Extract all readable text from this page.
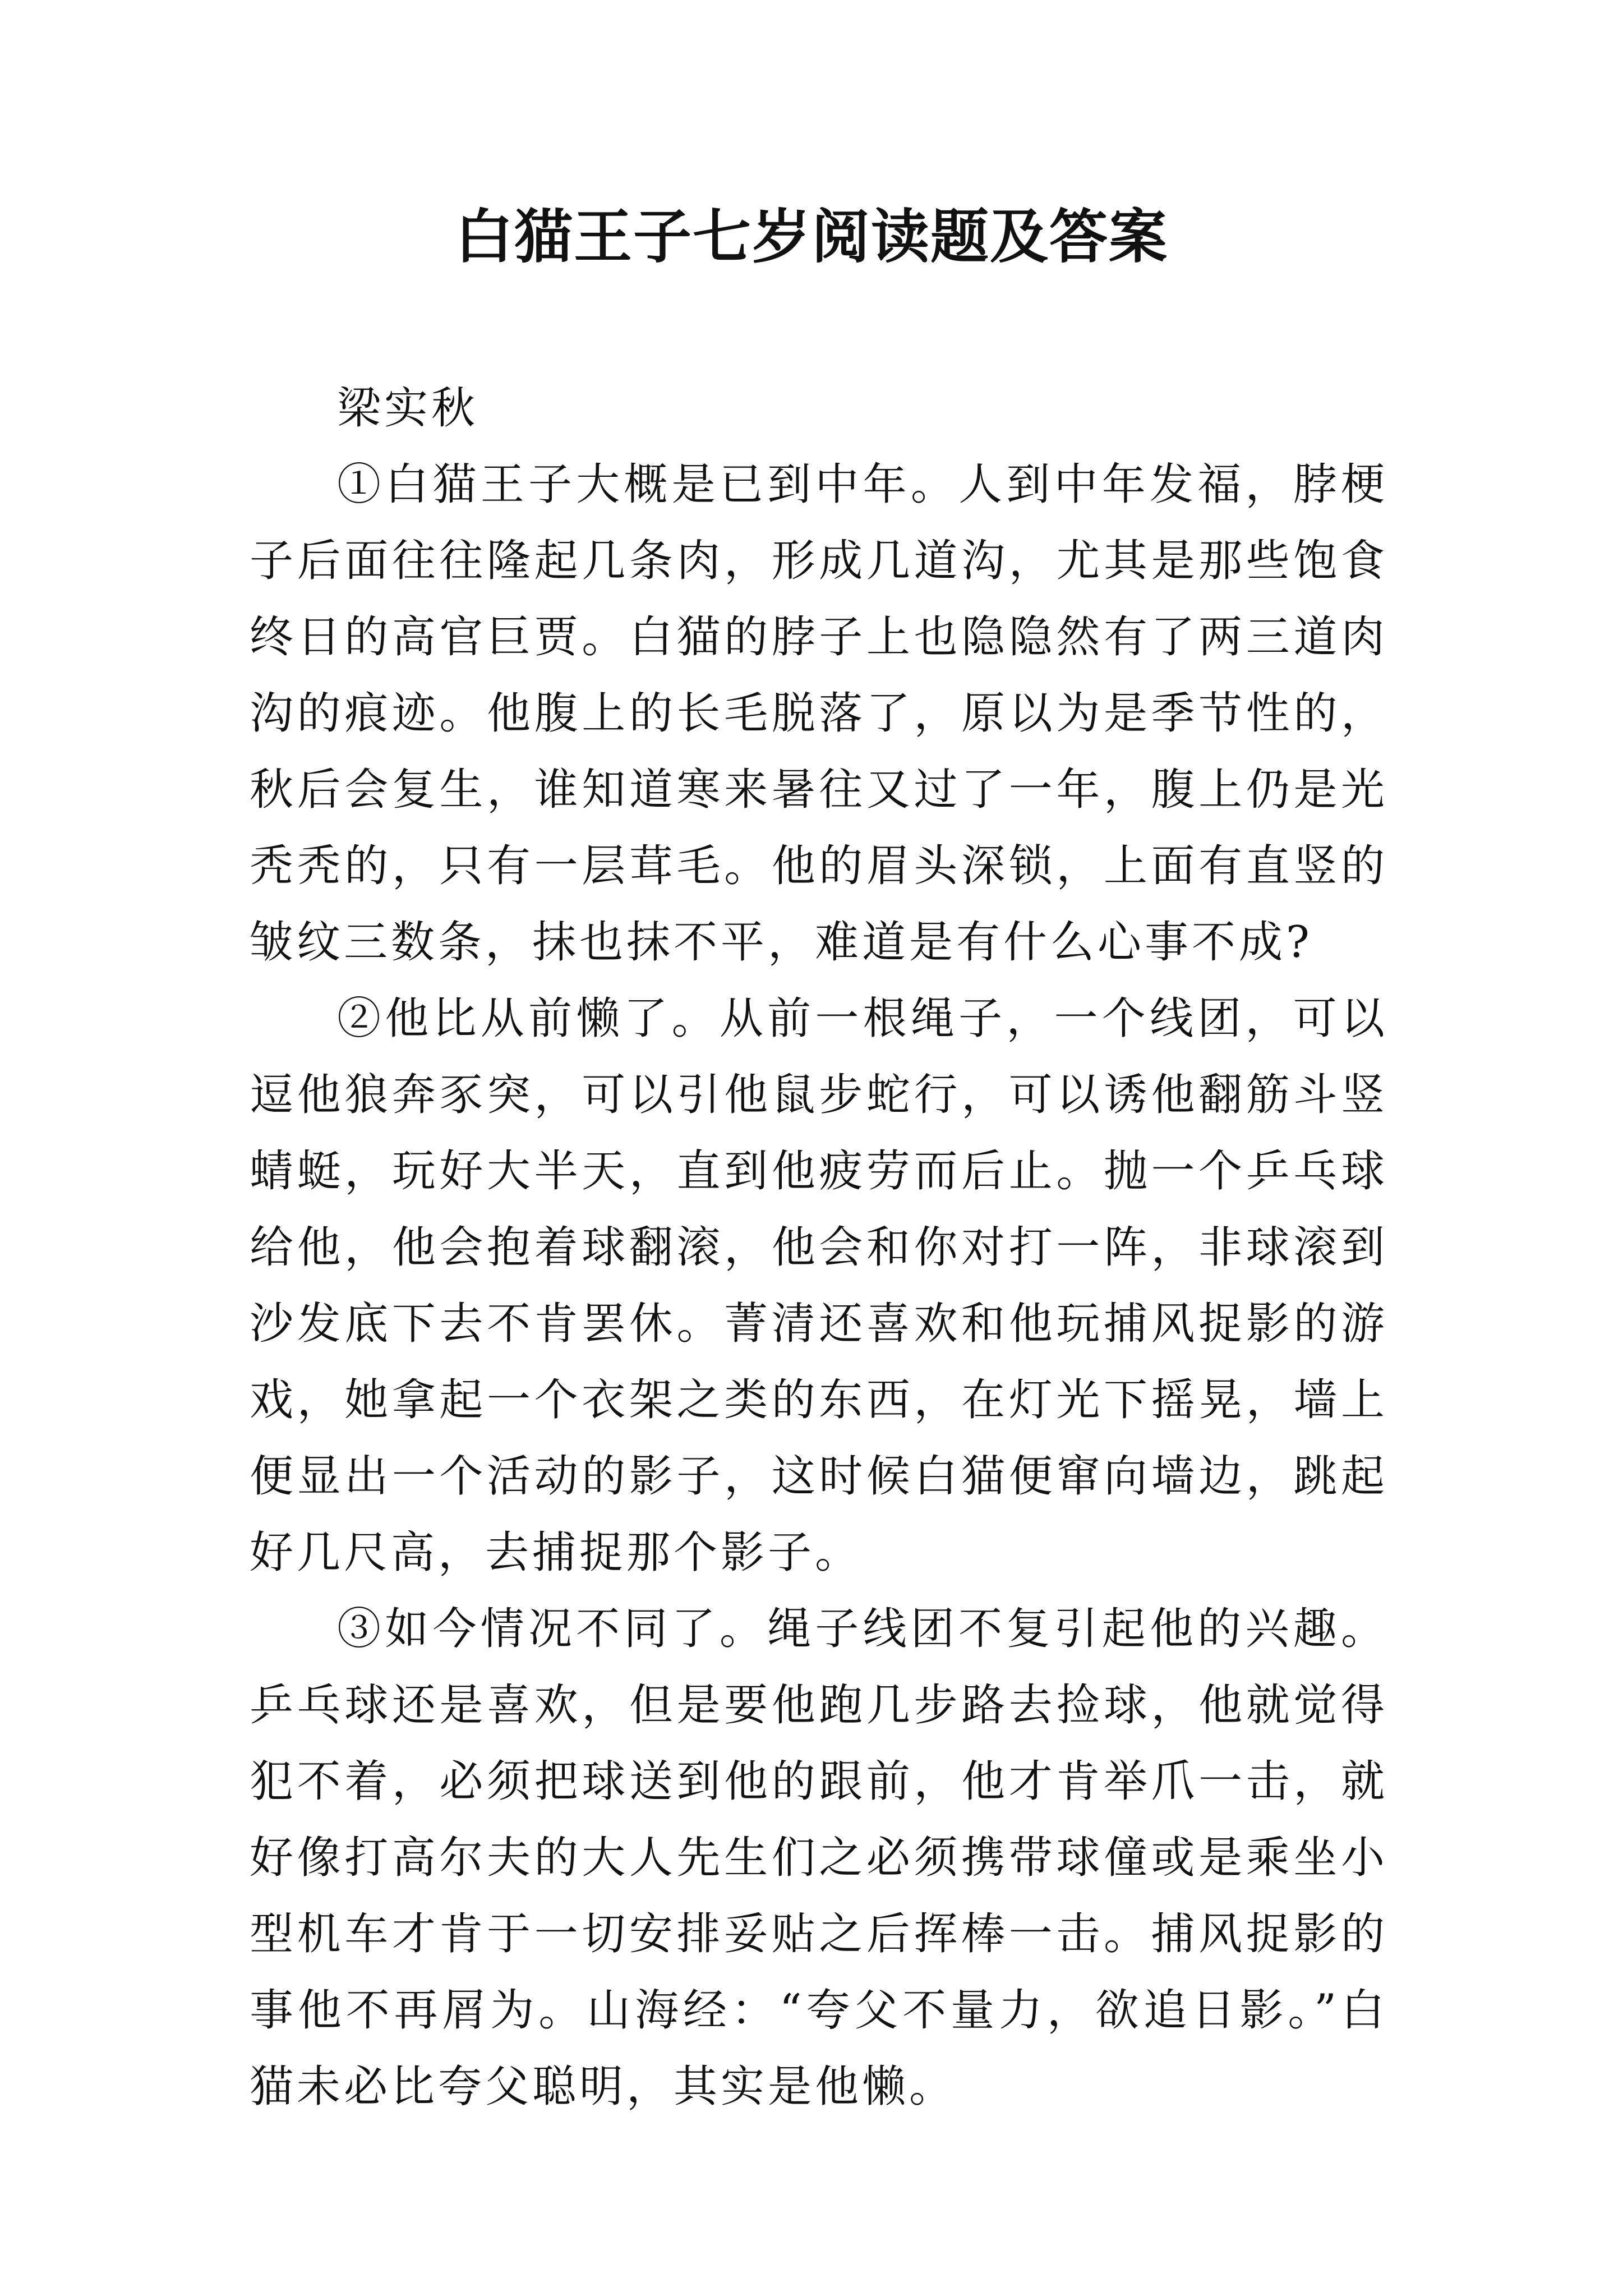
白猫王子七岁阅读题及答案

梁实秋

①白猫王子大概是已到中年。人到中年发福，脖梗子后面往往隆起几条肉，形成几道沟，尤其是那些饱食终日的高官巨贾。白猫的脖子上也隐隐然有了两三道肉沟的痕迹。他腹上的长毛脱落了，原以为是季节性的，秋后会复生，谁知道寒来暑往又过了一年，腹上仍是光秃秃的，只有一层茸毛。他的眉头深锁，上面有直竖的皱纹三数条，抹也抹不平，难道是有什么心事不成?

②他比从前懒了。从前一根绳子，一个线团，可以逗他狼奔豕突，可以引他鼠步蛇行，可以诱他翻筋斗竖蜻蜓，玩好大半天，直到他疲劳而后止。抛一个乒乓球给他，他会抱着球翻滚，他会和你对打一阵，非球滚到沙发底下去不肯罢休。菁清还喜欢和他玩捕风捉影的游戏，她拿起一个衣架之类的东西，在灯光下摇晃，墙上便显出一个活动的影子，这时候白猫便窜向墙边，跳起好几尺高，去捕捉那个影子。

③如今情况不同了。绳子线团不复引起他的兴趣。乒乓球还是喜欢，但是要他跑几步路去捡球，他就觉得犯不着，必须把球送到他的跟前，他才肯举爪一击，就好像打高尔夫的大人先生们之必须携带球僮或是乘坐小型机车才肯于一切安排妥贴之后挥棒一击。捕风捉影的事他不再屑为。山海经：“夸父不量力，欲追日影。”白猫未必比夸父聪明，其实是他懒。
